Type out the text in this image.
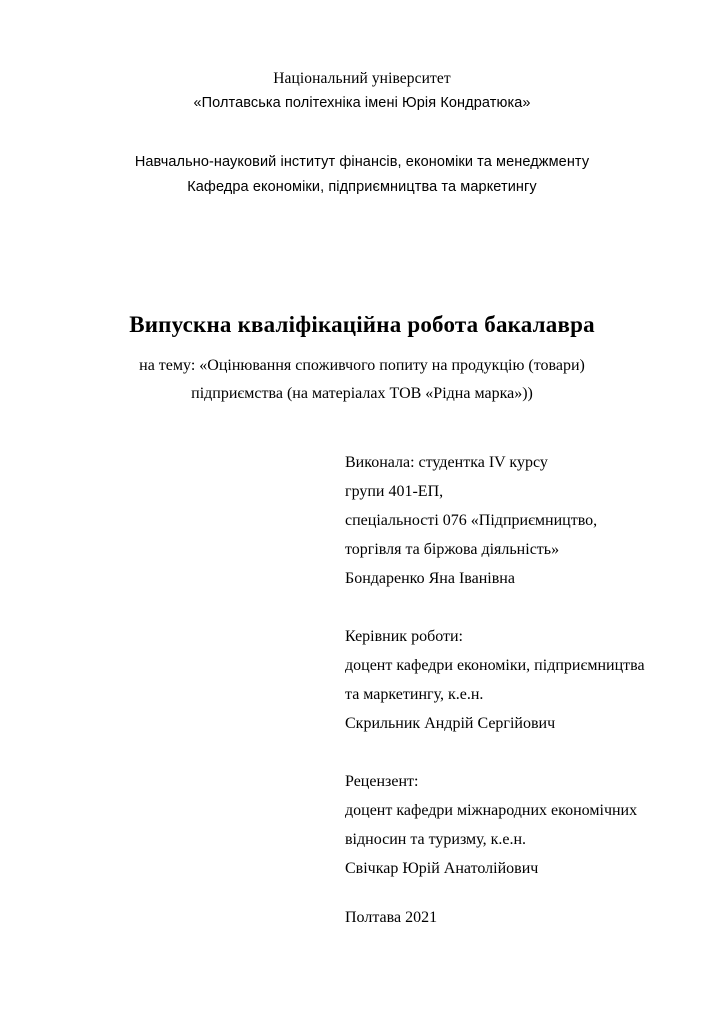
Національний університет
«Полтавська політехніка імені Юрія Кондратюка»
Навчально-науковий інститут фінансів, економіки та менеджменту
Кафедра економіки, підприємництва та маркетингу
Випускна кваліфікаційна робота бакалавра
на тему: «Оцінювання споживчого попиту на продукцію (товари)
підприємства (на матеріалах ТОВ «Рідна марка»))
Виконала: студентка IV курсу
групи 401-ЕП,
спеціальності 076 «Підприємництво,
торгівля та біржова діяльність»
Бондаренко Яна Іванівна
Керівник роботи:
доцент кафедри економіки, підприємництва
та маркетингу, к.е.н.
Скрильник Андрій Сергійович
Рецензент:
доцент кафедри міжнародних економічних
відносин та туризму, к.е.н.
Свічкар Юрій Анатолійович
Полтава 2021
